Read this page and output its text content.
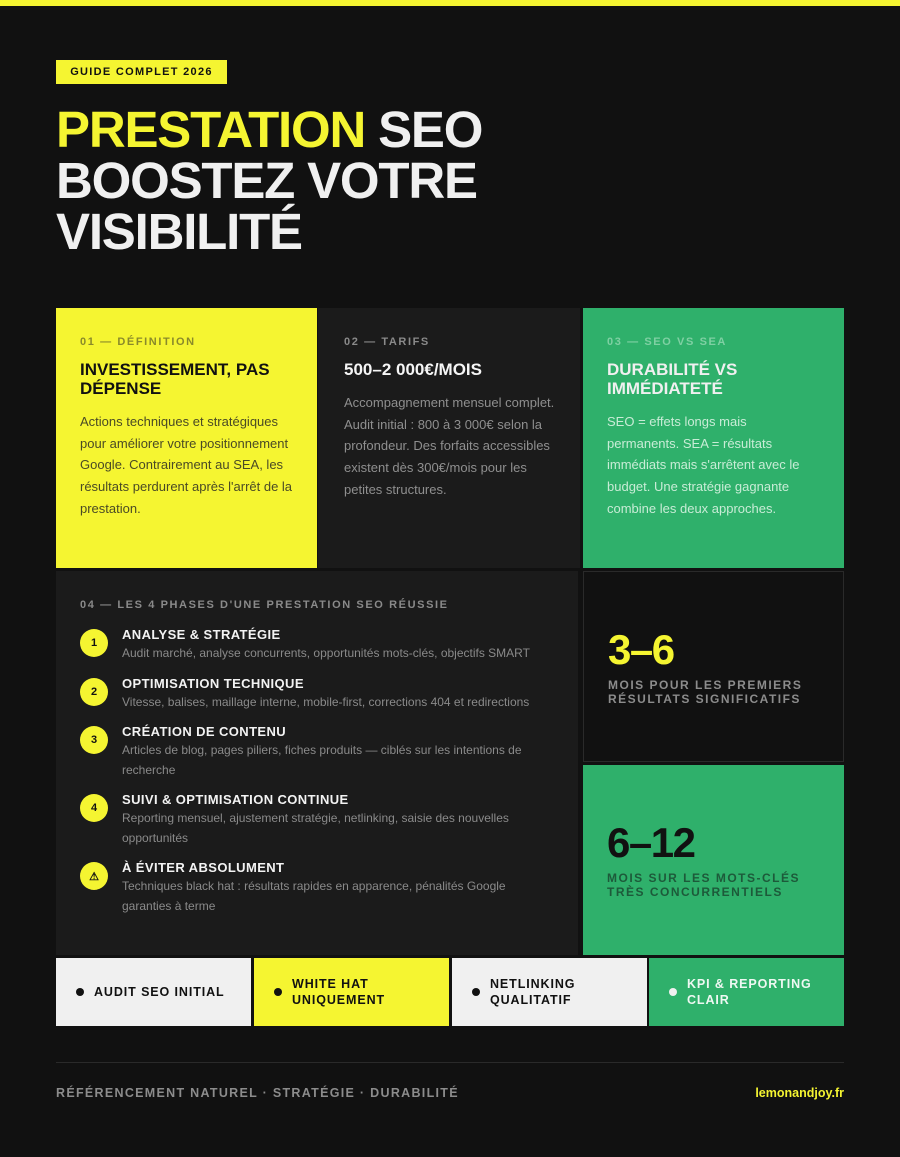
GUIDE COMPLET 2026
PRESTATION SEO
BOOSTEZ VOTRE
VISIBILITÉ
01 — DÉFINITION
INVESTISSEMENT, PAS DÉPENSE
Actions techniques et stratégiques pour améliorer votre positionnement Google. Contrairement au SEA, les résultats perdurent après l'arrêt de la prestation.
02 — TARIFS
500–2 000€/MOIS
Accompagnement mensuel complet. Audit initial : 800 à 3 000€ selon la profondeur. Des forfaits accessibles existent dès 300€/mois pour les petites structures.
03 — SEO VS SEA
DURABILITÉ VS IMMÉDIATETÉ
SEO = effets longs mais permanents. SEA = résultats immédiats mais s'arrêtent avec le budget. Une stratégie gagnante combine les deux approches.
04 — LES 4 PHASES D'UNE PRESTATION SEO RÉUSSIE
1
ANALYSE & STRATÉGIE
Audit marché, analyse concurrents, opportunités mots-clés, objectifs SMART
2
OPTIMISATION TECHNIQUE
Vitesse, balises, maillage interne, mobile-first, corrections 404 et redirections
3
CRÉATION DE CONTENU
Articles de blog, pages piliers, fiches produits — ciblés sur les intentions de recherche
4
SUIVI & OPTIMISATION CONTINUE
Reporting mensuel, ajustement stratégie, netlinking, saisie des nouvelles opportunités
⚠
À ÉVITER ABSOLUMENT
Techniques black hat : résultats rapides en apparence, pénalités Google garanties à terme
3–6
MOIS POUR LES PREMIERS RÉSULTATS SIGNIFICATIFS
6–12
MOIS SUR LES MOTS-CLÉS TRÈS CONCURRENTIELS
AUDIT SEO INITIAL
WHITE HAT UNIQUEMENT
NETLINKING QUALITATIF
KPI & REPORTING CLAIR
RÉFÉRENCEMENT NATUREL · STRATÉGIE · DURABILITÉ	lemonandjoy.fr
